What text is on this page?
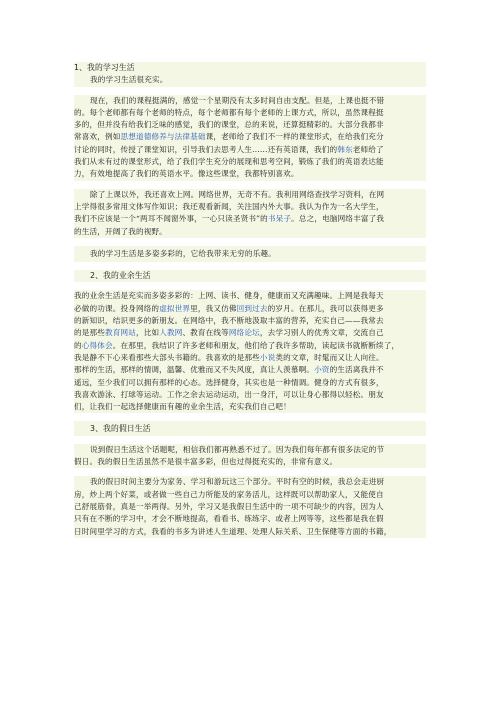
1、我的学习生活
我的学习生活很充实。
现在，我们的课程挺满的，感觉一个星期没有太多时间自由支配。但是，上课也挺不错
的。每个老师都有每个老师的特点，每个老师都有每个老师的上课方式，所以，虽然课程挺
多的，但并没有给我们乏味的感觉，我们的课堂，总的来说，还算挺精彩的。大部分我都非
常喜欢，例如思想道德修养与法律基础课，老师给了我们不一样的课堂形式，在给我们充分
讨论的同时，传授了课堂知识，引导我们去思考人生……还有英语课，我们的韩东老师给了
我们从未有过的课堂形式，给了我们学生充分的展现和思考空间，锻炼了我们的英语表达能
力，有效地提高了我们的英语水平。像这些课堂，我都特别喜欢。
除了上课以外，我还喜欢上网。网络世界，无奇不有。我利用网络查找学习资料，在网
上学得很多常用文体写作知识；我还观看新闻，关注国内外大事。我认为作为一名大学生，
我们不应该是一个“两耳不闻窗外事，一心只读圣贤书”的书呆子。总之，电脑网络丰富了我
的生活，开阔了我的视野。
我的学习生活是多姿多彩的，它给我带来无穷的乐趣。
2、我的业余生活
我的业余生活是充实而多姿多彩的：上网、读书、健身，健康而又充满趣味。上网是我每天
必做的功课。投身网络的虚拟世界里，我又仿佛回到过去的岁月。在那儿，我可以获得更多
的新知识，结识更多的新朋友。在网络中，我不断地汲取丰富的营养，充实自己——我常去
的是那些教育网站，比如人教网、教育在线等网络论坛，去学习别人的优秀文章，交流自己
的心得体会。在那里，我结识了许多老师和朋友，他们给了我许多帮助，读起读书就断断续了，
我是静不下心来看那些大部头书籍的。我喜欢的是那些小说类的文章，时髦而又让人向往。
那样的生活，那样的情调，温馨、优雅而又不失风度，真让人羡慕啊。小资的生活离我并不
遥远，至少我们可以拥有那样的心态。选择健身，其实也是一种情调。健身的方式有很多，
我喜欢游泳、打球等运动。工作之余去运动运动，出一身汗，可以让身心都得以轻松。朋友
们，让我们一起选择健康而有趣的业余生活，充实我们自己吧！
3、我的假日生活
说到假日生活这个话题呢，相信我们都再熟悉不过了。因为我们每年都有很多法定的节
假日。我的假日生活虽然不是很丰富多彩，但也过得挺充实的，非常有意义。
我的假日时间主要分为家务、学习和游玩这三个部分。平时有空的时候，我总会走进厨
房，炒上两个好菜，或者做一些自己力所能及的家务活儿，这样既可以帮助家人，又能使自
己舒展筋骨，真是一举两得。另外，学习又是我假日生活中的一项不可缺少的内容，因为人
只有在不断的学习中，才会不断地提高，看看书、练练字、或者上网等等，这些都是我在假
日时间里学习的方式，我看的书多为讲述人生道理、处理人际关系、卫生保健等方面的书籍，
